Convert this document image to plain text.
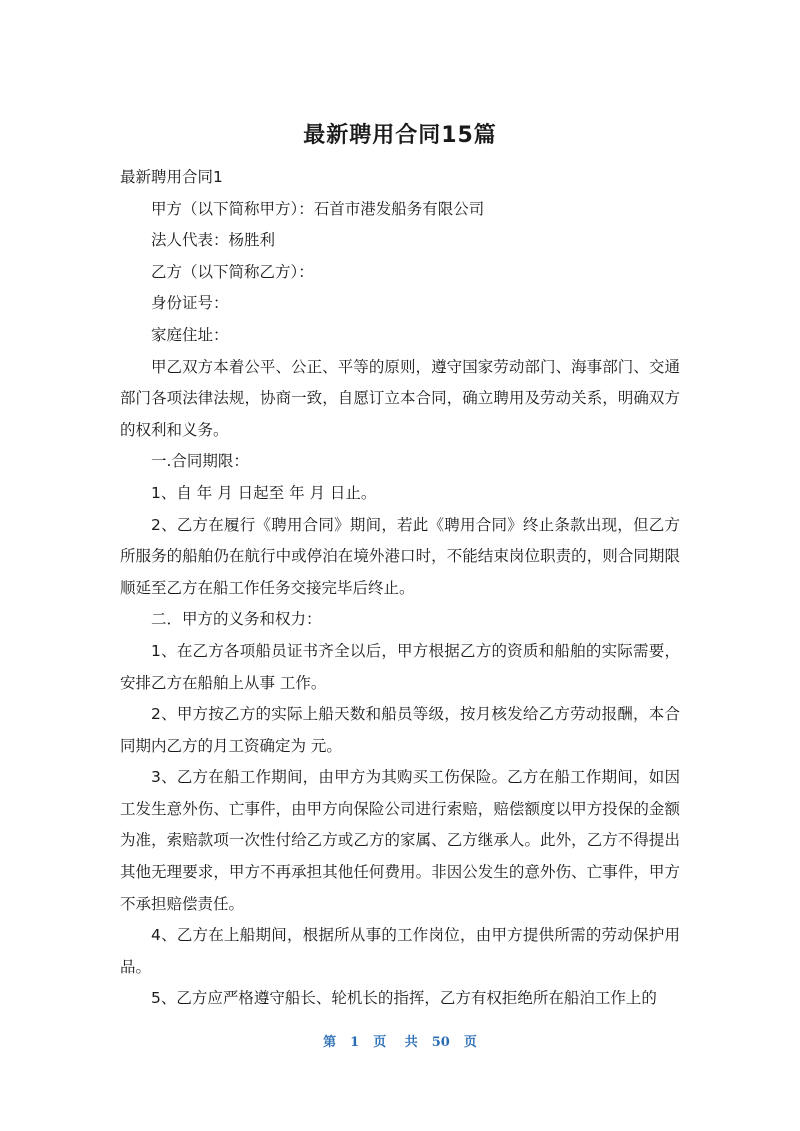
最新聘用合同15篇

最新聘用合同1

甲方（以下简称甲方）：石首市港发船务有限公司

法人代表：杨胜利

乙方（以下简称乙方）：

身份证号：

家庭住址：

甲乙双方本着公平、公正、平等的原则，遵守国家劳动部门、海事部门、交通部门各项法律法规，协商一致，自愿订立本合同，确立聘用及劳动关系，明确双方的权利和义务。

一.合同期限：

1、自 年 月 日起至 年 月 日止。

2、乙方在履行《聘用合同》期间，若此《聘用合同》终止条款出现，但乙方所服务的船舶仍在航行中或停泊在境外港口时，不能结束岗位职责的，则合同期限顺延至乙方在船工作任务交接完毕后终止。

二．甲方的义务和权力：

1、在乙方各项船员证书齐全以后，甲方根据乙方的资质和船舶的实际需要，安排乙方在船舶上从事 工作。

2、甲方按乙方的实际上船天数和船员等级，按月核发给乙方劳动报酬，本合同期内乙方的月工资确定为 元。

3、乙方在船工作期间，由甲方为其购买工伤保险。乙方在船工作期间，如因工发生意外伤、亡事件，由甲方向保险公司进行索赔，赔偿额度以甲方投保的金额为准，索赔款项一次性付给乙方或乙方的家属、乙方继承人。此外，乙方不得提出其他无理要求，甲方不再承担其他任何费用。非因公发生的意外伤、亡事件，甲方不承担赔偿责任。

4、乙方在上船期间，根据所从事的工作岗位，由甲方提供所需的劳动保护用品。

5、乙方应严格遵守船长、轮机长的指挥，乙方有权拒绝所在船泊工作上的

第 1 页 共 50 页
